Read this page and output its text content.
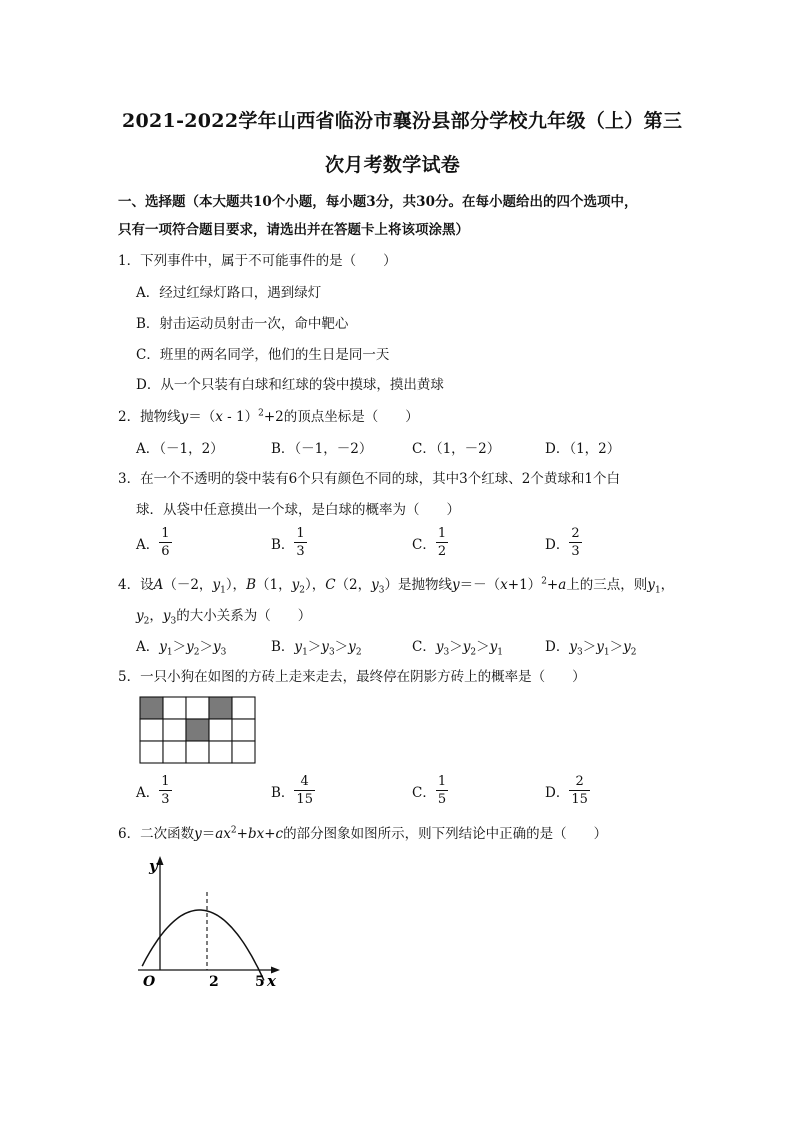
2021-2022学年山西省临汾市襄汾县部分学校九年级（上）第三
次月考数学试卷
一、选择题（本大题共10个小题，每小题3分，共30分。在每小题给出的四个选项中，
只有一项符合题目要求，请选出并在答题卡上将该项涂黑）
1．下列事件中，属于不可能事件的是（　　）
A．经过红绿灯路口，遇到绿灯
B．射击运动员射击一次，命中靶心
C．班里的两名同学，他们的生日是同一天
D．从一个只装有白球和红球的袋中摸球，摸出黄球
2．抛物线y＝（x - 1）$^2$+2的顶点坐标是（　　）
A．（－1，2）	B．（－1，－2）	C．（1，－2）	D．（1，2）
3．在一个不透明的袋中装有6个只有颜色不同的球，其中3个红球、2个黄球和1个白
球．从袋中任意摸出一个球，是白球的概率为（　　）
A． $\frac{1}{6}$	B． $\frac{1}{3}$	C． $\frac{1}{2}$	D． $\frac{2}{3}$
4．设A（－2，$y_1$），B（1，$y_2$），C（2，$y_3$）是抛物线$y=-(x+1)^2+a$上的三点，则$y_1$，
$y_2$，$y_3$的大小关系为（　　）
A．$y_1>y_2>y_3$	B．$y_1>y_3>y_2$	C．$y_3>y_2>y_1$	D．$y_3>y_1>y_2$
5．一只小狗在如图的方砖上走来走去，最终停在阴影方砖上的概率是（　　）
A． $\frac{1}{3}$	B． $\frac{4}{15}$	C． $\frac{1}{5}$	D． $\frac{2}{15}$
6．二次函数$y=ax^2+bx+c$的部分图象如图所示，则下列结论中正确的是（　　）
y
x
O	2	5
